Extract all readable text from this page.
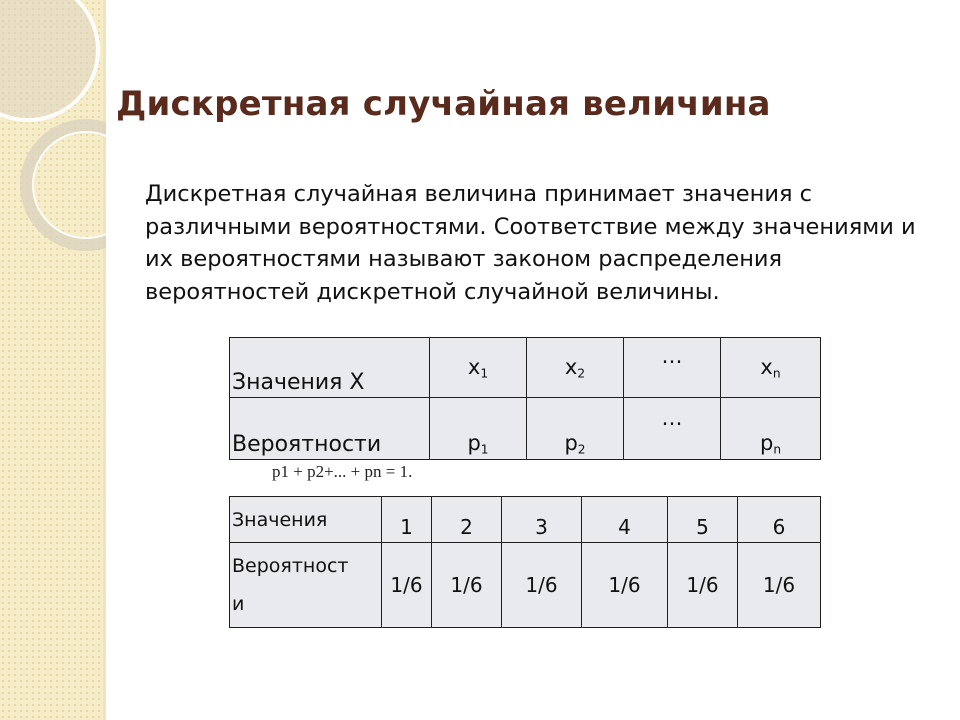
Дискретная случайная величина

Дискретная случайная величина принимает значения с различными вероятностями. Соответствие между значениями и их вероятностями называют законом распределения вероятностей дискретной случайной величины.

Значения Х	$x_1$	$x_2$	…	$x_n$
Вероятности	$p_1$	$p_2$	…	$p_n$
p1 + p2+... + pn = 1.
Значения	1	2	3	4	5	6
Вероятност
и	1/6	1/6	1/6	1/6	1/6	1/6
